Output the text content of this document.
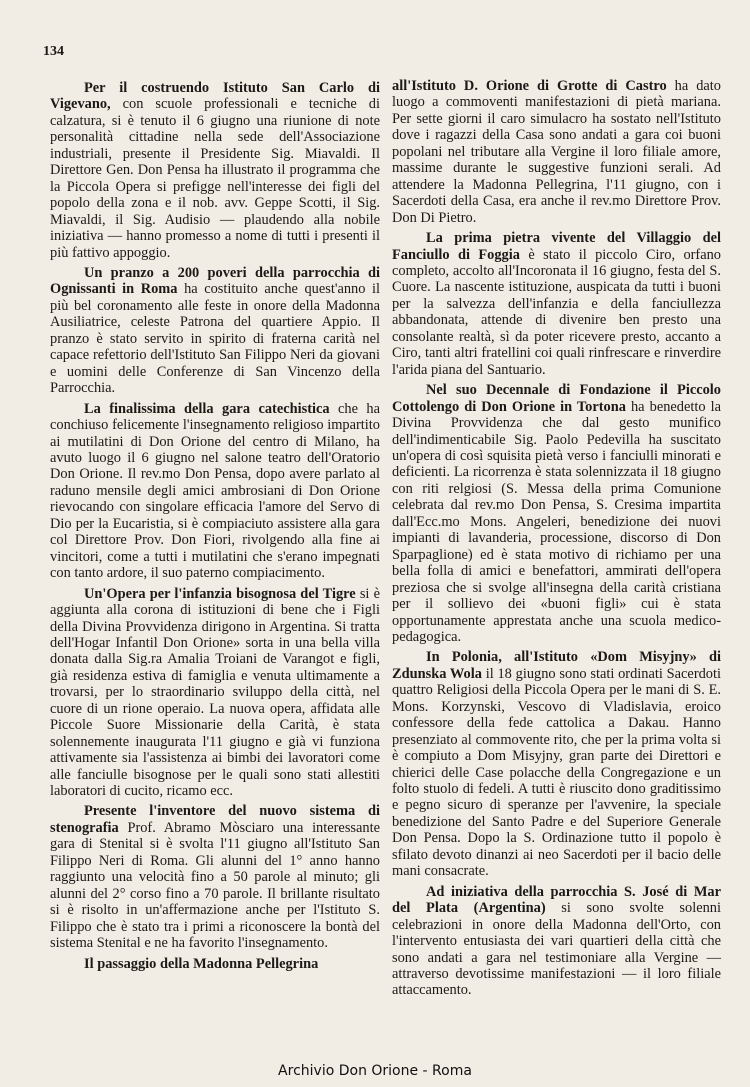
134

Per il costruendo Istituto San Carlo di Vigevano, con scuole professionali e tecniche di calzatura, si è tenuto il 6 giugno una riunione di note personalità cittadine nella sede dell'Associazione industriali, presente il Presidente Sig. Miavaldi. Il Direttore Gen. Don Pensa ha illustrato il programma che la Piccola Opera si prefigge nell'interesse dei figli del popolo della zona e il nob. avv. Geppe Scotti, il Sig. Miavaldi, il Sig. Audisio — plaudendo alla nobile iniziativa — hanno promesso a nome di tutti i presenti il più fattivo appoggio.

Un pranzo a 200 poveri della parrocchia di Ognissanti in Roma ha costituito anche quest'anno il più bel coronamento alle feste in onore della Madonna Ausiliatrice, celeste Patrona del quartiere Appio. Il pranzo è stato servito in spirito di fraterna carità nel capace refettorio dell'Istituto San Filippo Neri da giovani e uomini delle Conferenze di San Vincenzo della Parrocchia.

La finalissima della gara catechistica che ha conchiuso felicemente l'insegnamento religioso impartito ai mutilatini di Don Orione del centro di Milano, ha avuto luogo il 6 giugno nel salone teatro dell'Oratorio Don Orione. Il rev.mo Don Pensa, dopo avere parlato al raduno mensile degli amici ambrosiani di Don Orione rievocando con singolare efficacia l'amore del Servo di Dio per la Eucaristia, si è compiaciuto assistere alla gara col Direttore Prov. Don Fiori, rivolgendo alla fine ai vincitori, come a tutti i mutilatini che s'erano impegnati con tanto ardore, il suo paterno compiacimento.

Un'Opera per l'infanzia bisognosa del Tigre si è aggiunta alla corona di istituzioni di bene che i Figli della Divina Provvidenza dirigono in Argentina. Si tratta dell'Hogar Infantil Don Orione» sorta in una bella villa donata dalla Sig.ra Amalia Troiani de Varangot e figli, già residenza estiva di famiglia e venuta ultimamente a trovarsi, per lo straordinario sviluppo della città, nel cuore di un rione operaio. La nuova opera, affidata alle Piccole Suore Missionarie della Carità, è stata solennemente inaugurata l'11 giugno e già vi funziona attivamente sia l'assistenza ai bimbi dei lavoratori come alle fanciulle bisognose per le quali sono stati allestiti laboratori di cucito, ricamo ecc.

Presente l'inventore del nuovo sistema di stenografia Prof. Abramo Mòsciaro una interessante gara di Stenital si è svolta l'11 giugno all'Istituto San Filippo Neri di Roma. Gli alunni del 1° anno hanno raggiunto una velocità fino a 50 parole al minuto; gli alunni del 2° corso fino a 70 parole. Il brillante risultato si è risolto in un'affermazione anche per l'Istituto S. Filippo che è stato tra i primi a riconoscere la bontà del sistema Stenital e ne ha favorito l'insegnamento.

Il passaggio della Madonna Pellegrina

all'Istituto D. Orione di Grotte di Castro ha dato luogo a commoventi manifestazioni di pietà mariana. Per sette giorni il caro simulacro ha sostato nell'Istituto dove i ragazzi della Casa sono andati a gara coi buoni popolani nel tributare alla Vergine il loro filiale amore, massime durante le suggestive funzioni serali. Ad attendere la Madonna Pellegrina, l'11 giugno, con i Sacerdoti della Casa, era anche il rev.mo Direttore Prov. Don Di Pietro.

La prima pietra vivente del Villaggio del Fanciullo di Foggia è stato il piccolo Ciro, orfano completo, accolto all'Incoronata il 16 giugno, festa del S. Cuore. La nascente istituzione, auspicata da tutti i buoni per la salvezza dell'infanzia e della fanciullezza abbandonata, attende di divenire ben presto una consolante realtà, sì da poter ricevere presto, accanto a Ciro, tanti altri fratellini coi quali rinfrescare e rinverdire l'arida piana del Santuario.

Nel suo Decennale di Fondazione il Piccolo Cottolengo di Don Orione in Tortona ha benedetto la Divina Provvidenza che dal gesto munifico dell'indimenticabile Sig. Paolo Pedevilla ha suscitato un'opera di così squisita pietà verso i fanciulli minorati e deficienti. La ricorrenza è stata solennizzata il 18 giugno con riti relgiosi (S. Messa della prima Comunione celebrata dal rev.mo Don Pensa, S. Cresima impartita dall'Ecc.mo Mons. Angeleri, benedizione dei nuovi impianti di lavanderia, processione, discorso di Don Sparpaglione) ed è stata motivo di richiamo per una bella folla di amici e benefattori, ammirati dell'opera preziosa che si svolge all'insegna della carità cristiana per il sollievo dei «buoni figli» cui è stata opportunamente apprestata anche una scuola medico-pedagogica.

In Polonia, all'Istituto «Dom Misyjny» di Zdunska Wola il 18 giugno sono stati ordinati Sacerdoti quattro Religiosi della Piccola Opera per le mani di S. E. Mons. Korzynski, Vescovo di Vladislavia, eroico confessore della fede cattolica a Dakau. Hanno presenziato al commovente rito, che per la prima volta si è compiuto a Dom Misyjny, gran parte dei Direttori e chierici delle Case polacche della Congregazione e un folto stuolo di fedeli. A tutti è riuscito dono graditissimo e pegno sicuro di speranze per l'avvenire, la speciale benedizione del Santo Padre e del Superiore Generale Don Pensa. Dopo la S. Ordinazione tutto il popolo è sfilato devoto dinanzi ai neo Sacerdoti per il bacio delle mani consacrate.

Ad iniziativa della parrocchia S. José di Mar del Plata (Argentina) si sono svolte solenni celebrazioni in onore della Madonna dell'Orto, con l'intervento entusiasta dei vari quartieri della città che sono andati a gara nel testimoniare alla Vergine — attraverso devotissime manifestazioni — il loro filiale attaccamento.

Archivio Don Orione - Roma
